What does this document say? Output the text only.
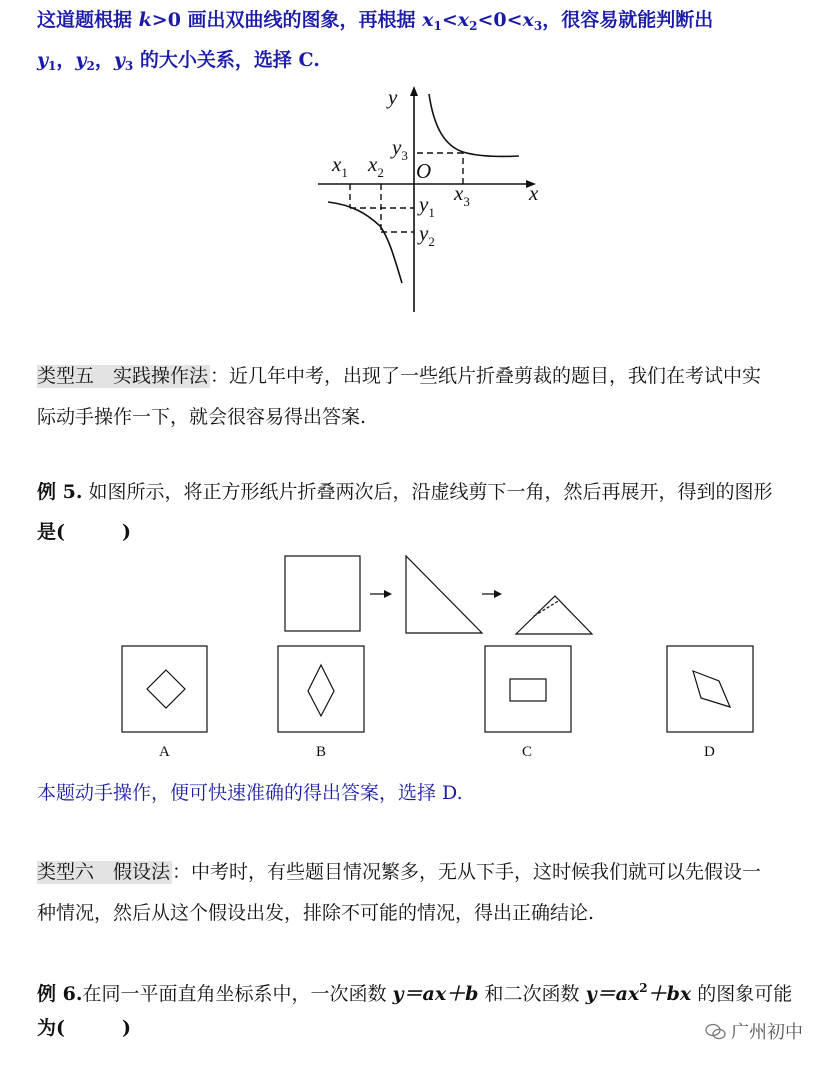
这道题根据 k>0 画出双曲线的图象，再根据 $x_1<x_2<0<x_3$，很容易就能判断出
$y_1$，$y_2$，$y_3$ 的大小关系，选择 C.
y
x
$x_1$ $x_2$
$x_3$
$y_3$
$y_1$
$y_2$
O
类型五　实践操作法 ：近几年中考，出现了一些纸片折叠剪裁的题目，我们在考试中实
际动手操作一下，就会很容易得出答案.
例 5. 如图所示，将正方形纸片折叠两次后，沿虚线剪下一角，然后再展开，得到的图形
是(　　　)
A	B	C	D
本题动手操作，便可快速准确的得出答案，选择 D.
类型六　假设法 ：中考时，有些题目情况繁多，无从下手，这时候我们就可以先假设一
种情况，然后从这个假设出发，排除不可能的情况，得出正确结论.
例 6.在同一平面直角坐标系中，一次函数 y＝ax＋b 和二次函数 $y=ax^2+bx$ 的图象可能
为(　　　)	广州初中
